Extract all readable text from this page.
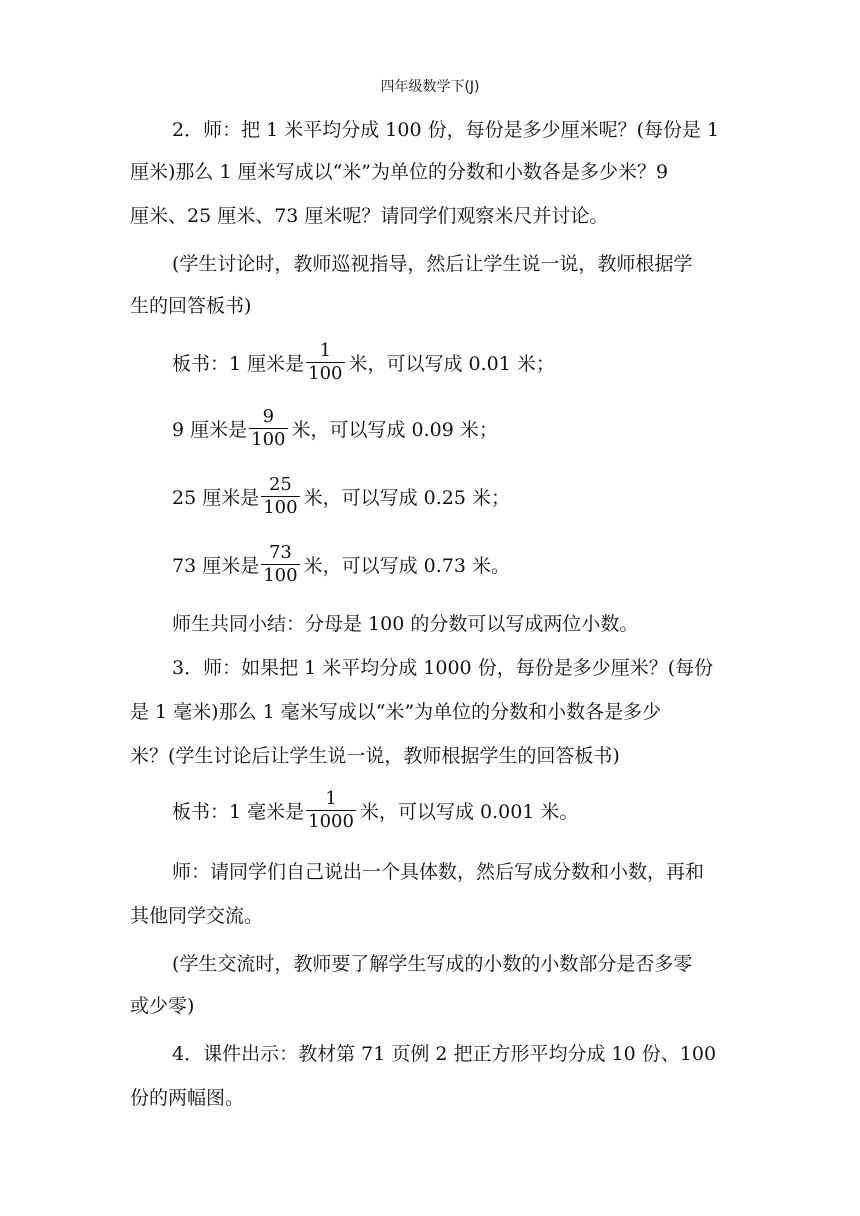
四年级数学下(J)
2．师：把 1 米平均分成 100 份，每份是多少厘米呢？(每份是 1
厘米)那么 1 厘米写成以“米”为单位的分数和小数各是多少米？9
厘米、25 厘米、73 厘米呢？请同学们观察米尺并讨论。
(学生讨论时，教师巡视指导，然后让学生说一说，教师根据学
生的回答板书)
板书：1 厘米是 $\frac{1}{100}$ 米，可以写成 0.01 米；
9 厘米是 $\frac{9}{100}$ 米，可以写成 0.09 米；
25 厘米是 $\frac{25}{100}$ 米，可以写成 0.25 米；
73 厘米是 $\frac{73}{100}$ 米，可以写成 0.73 米。
师生共同小结：分母是 100 的分数可以写成两位小数。
3．师：如果把 1 米平均分成 1000 份，每份是多少厘米？(每份
是 1 毫米)那么 1 毫米写成以“米”为单位的分数和小数各是多少
米？(学生讨论后让学生说一说，教师根据学生的回答板书)
板书：1 毫米是 $\frac{1}{1000}$ 米，可以写成 0.001 米。
师：请同学们自己说出一个具体数，然后写成分数和小数，再和
其他同学交流。
(学生交流时，教师要了解学生写成的小数的小数部分是否多零
或少零)
4．课件出示：教材第 71 页例 2 把正方形平均分成 10 份、100
份的两幅图。
